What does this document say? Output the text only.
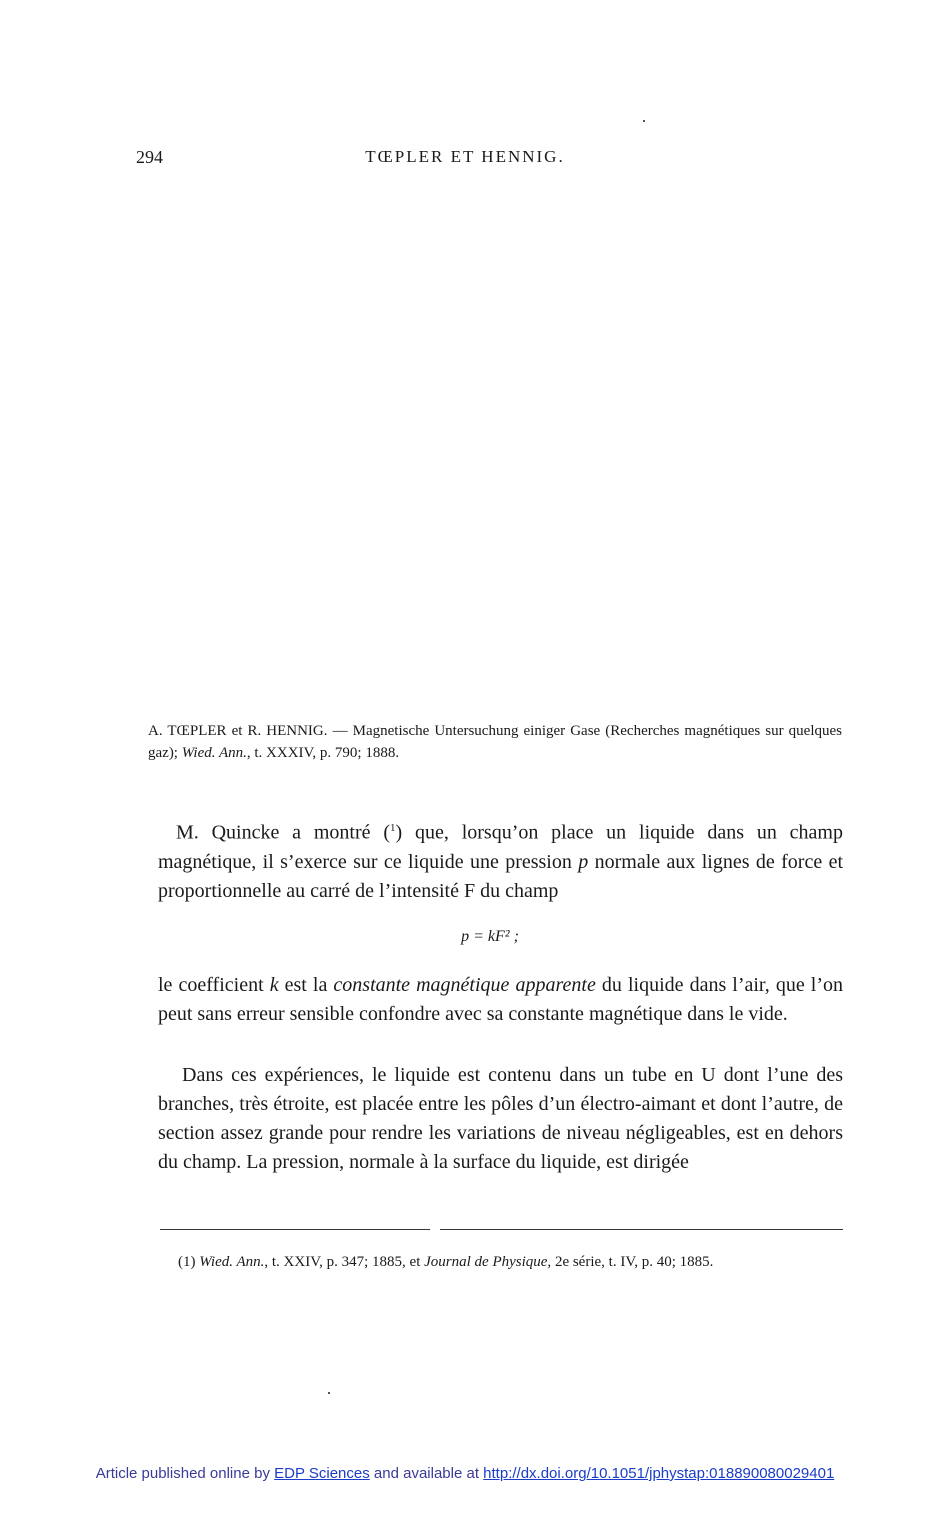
294	TŒPLER ET HENNIG.
A. TŒPLER et R. HENNIG. — Magnetische Untersuchung einiger Gase (Recherches magnétiques sur quelques gaz); Wied. Ann., t. XXXIV, p. 790; 1888.
M. Quincke a montré ($^1$) que, lorsqu’on place un liquide dans un champ magnétique, il s’exerce sur ce liquide une pression p normale aux lignes de force et proportionnelle au carré de l’intensité F du champ
p = kF² ;
le coefficient k est la constante magnétique apparente du liquide dans l’air, que l’on peut sans erreur sensible confondre avec sa constante magnétique dans le vide.
Dans ces expériences, le liquide est contenu dans un tube en U dont l’une des branches, très étroite, est placée entre les pôles d’un électro-aimant et dont l’autre, de section assez grande pour rendre les variations de niveau négligeables, est en dehors du champ. La pression, normale à la surface du liquide, est dirigée
(1) Wied. Ann., t. XXIV, p. 347; 1885, et Journal de Physique, 2e série, t. IV, p. 40; 1885.
Article published online by EDP Sciences and available at http://dx.doi.org/10.1051/jphystap:018890080029401
